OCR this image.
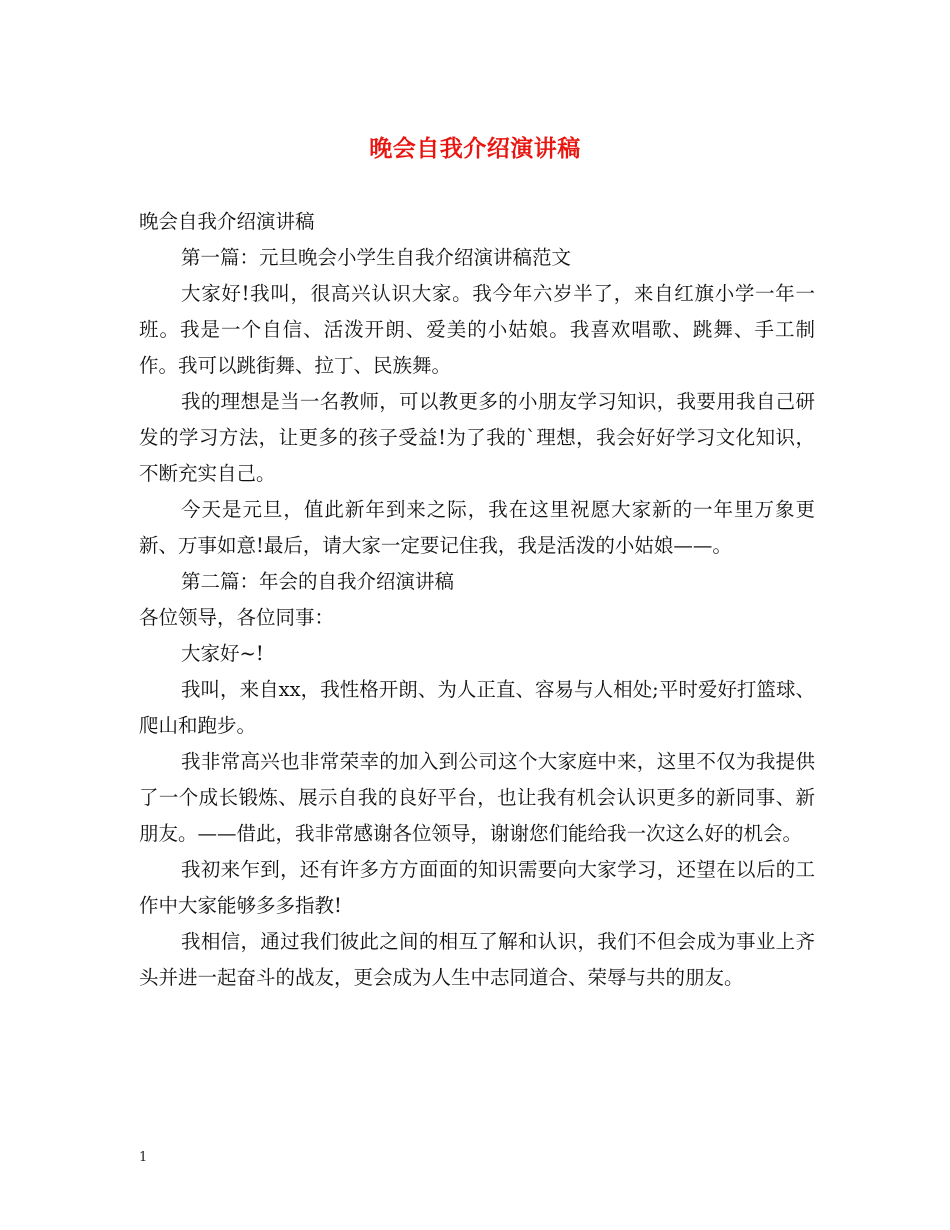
晚会自我介绍演讲稿

晚会自我介绍演讲稿

第一篇：元旦晚会小学生自我介绍演讲稿范文

大家好!我叫，很高兴认识大家。我今年六岁半了，来自红旗小学一年一班。我是一个自信、活泼开朗、爱美的小姑娘。我喜欢唱歌、跳舞、手工制作。我可以跳街舞、拉丁、民族舞。

我的理想是当一名教师，可以教更多的小朋友学习知识，我要用我自己研发的学习方法，让更多的孩子受益!为了我的`理想，我会好好学习文化知识，不断充实自己。

今天是元旦，值此新年到来之际，我在这里祝愿大家新的一年里万象更新、万事如意!最后，请大家一定要记住我，我是活泼的小姑娘——。

第二篇：年会的自我介绍演讲稿

各位领导，各位同事：

大家好~!

我叫，来自xx，我性格开朗、为人正直、容易与人相处;平时爱好打篮球、爬山和跑步。

我非常高兴也非常荣幸的加入到公司这个大家庭中来，这里不仅为我提供了一个成长锻炼、展示自我的良好平台，也让我有机会认识更多的新同事、新朋友。——借此，我非常感谢各位领导，谢谢您们能给我一次这么好的机会。

我初来乍到，还有许多方方面面的知识需要向大家学习，还望在以后的工作中大家能够多多指教!

我相信，通过我们彼此之间的相互了解和认识，我们不但会成为事业上齐头并进一起奋斗的战友，更会成为人生中志同道合、荣辱与共的朋友。

1
